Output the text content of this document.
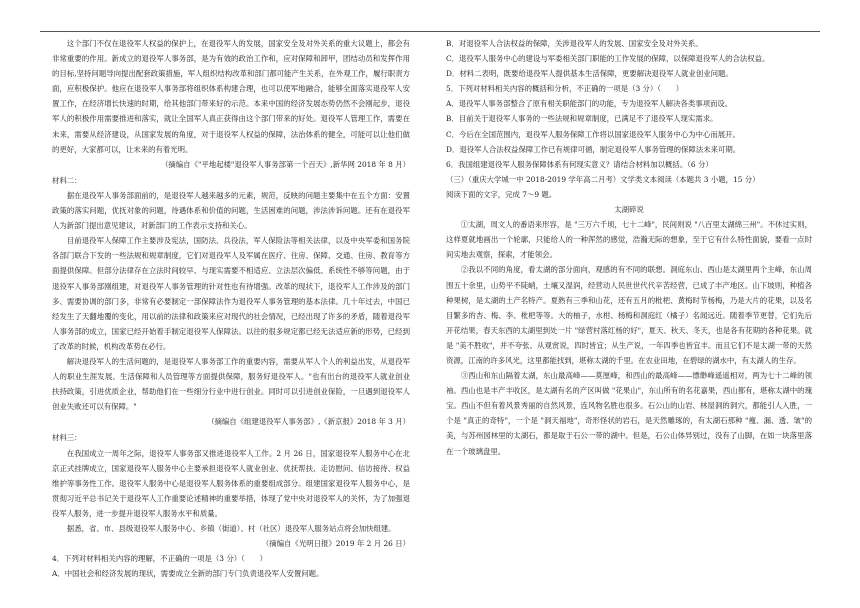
这个部门不仅在退役军人权益的保护上，在退役军人的发展，国家安全及对外关系的重大议题上，都会有非常重要的作用。新成立的退役军人事务部，是为有效的政治工作和，应对保障和卸甲，团结动员和发挥作用的目标,坚持问题导向提出配套政策措施，军人组织结构改革和部门都可能产生关系，在外观工作，履行职责方面，应积极保护。他应在退役军人事务部将组织体系构建合理，也可以使军地融合，能够全面落实退役军人安置工作，在经济增长快速的时期，给其他部门带来好的示范。本来中国的经济发展态势仍然不会刚起步，退役军人的积极作用需要推进和落实，就让全国军人真正获得由这个部门带来的好处。退役军人管理工作，需要在未来，需要从经济建设，从国家发展的角度，对于退役军人权益的保障，法治体系的健全，可能可以让他们做的更好，大家都可以，让未来的有着光明。

（摘编自《"平地起楼"退役军人事务部第一个百天》,新华网 2018 年 8 月）

材料二：

据在退役军人事务部面前的，是退役军人越来越多的元素，规范，反映的问题主要集中在五个方面：安置政策的落实问题，优抚对象的问题，待遇体系和价值的问题，生活困难的问题，涉法涉诉问题。还有在退役军人为新部门提出意见建议，对新部门的工作表示支持和关心。

目前退役军人保障工作主要涉及宪法，国防法、兵役法，军人保险法等相关法律，以及中央军委和国务院各部门联合下发的一些法规和规章制度，它们对退役军人及军属在医疗、住房、保障、交通、住房、教育等方面提供保障。但部分法律存在立法时间较早、与现实需要不相适应、立法层次偏低、系统性不够等问题，由于退役军人事务部刚组建，对退役军人事务管理的针对性也有待增强。改革的现状下，退役军人工作涉及的部门多、需要协调的部门多，非常有必要制定一部保障法作为退役军人事务管理的基本法律。几十年过去，中国已经发生了天翻地覆的变化，用以前的法律和政策来应对现代的社会情况，已经出现了许多的矛盾，随着退役军人事务部的成立，国家已经开始着手制定退役军人保障法。以往的很多规定都已经无法适应新的形势，已经到了改革的时候，机构改革势在必行。

解决退役军人的生活问题的，是退役军人事务部工作的重要内容，需要从军人个人的利益出发，从退役军人的职业生涯发展、生活保障和人员管理等方面提供保障，服务好退役军人。"也有出台的退役军人就业创业扶持政策，引进优质企业，帮助他们在一些细分行业中进行创业。同时可以引进创业保险，一旦遇到退役军人创业失败还可以有保障。"

（摘编自《组建退役军人事务部》,《新京报》2018 年 3 月）

材料三：

在我国成立一周年之际，退役军人事务部又推进退役军人工作。2 月 26 日，国家退役军人服务中心在北京正式挂牌成立，国家退役军人服务中心主要承担退役军人就业创业、优抚帮扶、走访慰问、信访接待、权益维护等事务性工作。退役军人服务中心是退役军人服务体系的重要组成部分。组建国家退役军人服务中心，是贯彻习近平总书记关于退役军人工作重要论述精神的重要举措，体现了党中央对退役军人的关怀，为了加强退役军人服务，进一步提升退役军人服务水平和质量。

据悉，省、市、县级退役军人服务中心、乡镇（街道）、村（社区）退役军人服务站点将会加快组建。

（摘编自《光明日报》2019 年 2 月 26 日）

4．下列对材料相关内容的理解，不正确的一项是（3 分）（　　）

A．中国社会和经济发展的现状，需要成立全新的部门专门负责退役军人安置问题。

B．对退役军人合法权益的保障，关涉退役军人的发展、国家安全及对外关系。

C．退役军人服务中心的建设与军委相关部门职能的工作发展的保障，以保障退役军人的合法权益。

D．材料二表明，既要给退役军人提供基本生活保障，更要解决退役军人就业创业问题。

5．下列对材料相关内容的概括和分析，不正确的一项是（3 分）（　　）

A．退役军人事务部整合了原有相关职能部门的功能，专为退役军人解决各类事项而设。

B．目前关于退役军人事务的一些法规和规章制度，已满足不了退役军人现实需求。

C．今后在全国范围内，退役军人服务保障工作将以国家退役军人服务中心为中心而展开。

D．退役军人合法权益保障工作已有规律可循，制定退役军人事务管理的保障法未来可期。

6．我国组建退役军人服务保障体系有何现实意义？请结合材料加以概括。（6 分）

（三）（重庆大学城一中 2018-2019 学年高二月考）文学类文本阅读（本题共 3 小题，15 分）

阅读下面的文字，完成 7～9 题。

太湖碎说

①太湖，周文人的番语来形容，是 "三万六千顷，七十二峰"，民间则说 "八百里太湖绵三州"。不休过实则，这样夏就地画出一个轮廓，只能给人的一种浑然的感觉，浩瀚无际的想象，至于它有什么特性面貌，要看一点时间实地去观察，探索，才能领会。

②我以不同的角度，看太湖的部分面向，观感的有不同的联想。洞庭东山、西山是太湖里两个主峰，东山周围五十余里，山势平不陡峭，土壤又湿润，经营动人民世世代代辛苦经营，已成了丰产地区。山下坡则，种植各种果树，是太湖的土产名特产。夏熟有三季和山花，还有五月的枇杷、黄梅时节杨梅，乃是大片的花果，以及名目繁多的杏、梅、李、枇杷等等。大的柚子，水柑、杨梅和洞庭红（橘子）名闻远近。随着季节更替，它们先后开花结果，春天东西的太湖里到处一片 "绿营村落红杨的好"，夏天、秋天、冬天，也是各有花期的各种花果。就是 "美不胜收"，并不夸张。从观赏说，四时皆宜；从生产说，一年四季也皆宜丰。而且它们不是太湖一带的天然资源，江南的许多风光，这里都能找到，堪称太湖的千里。在农业田地，在碧绿的湖水中，有太湖人的生存。

③西山和东山隔着太湖，东山最高峰——莫厘峰，和西山的最高峰——缥缈峰遥遥相对，两为七十二峰的领袖。西山也是丰产丰收区，是太湖有名的产区叫做 "花果山"，东山所有的名花嘉果，西山都有，堪称太湖中的瑰宝。西山不但有着风景秀丽的自然风景，连风物名胜也很多。石公山的山岩、林屋洞的洞穴，都能引人入胜，一个是 "真正的奇特"，一个是 "洞天福地"，奇形怪状的岩石，是天然雕琢的，有太湖石那种 "瘦、漏、透、皱"的美，与苏州园林里的太湖石，都是取于石公一带的湖中。但是，石公山体异别过，没有了山脚，在如一块落里落在一个玻璃盘里。
